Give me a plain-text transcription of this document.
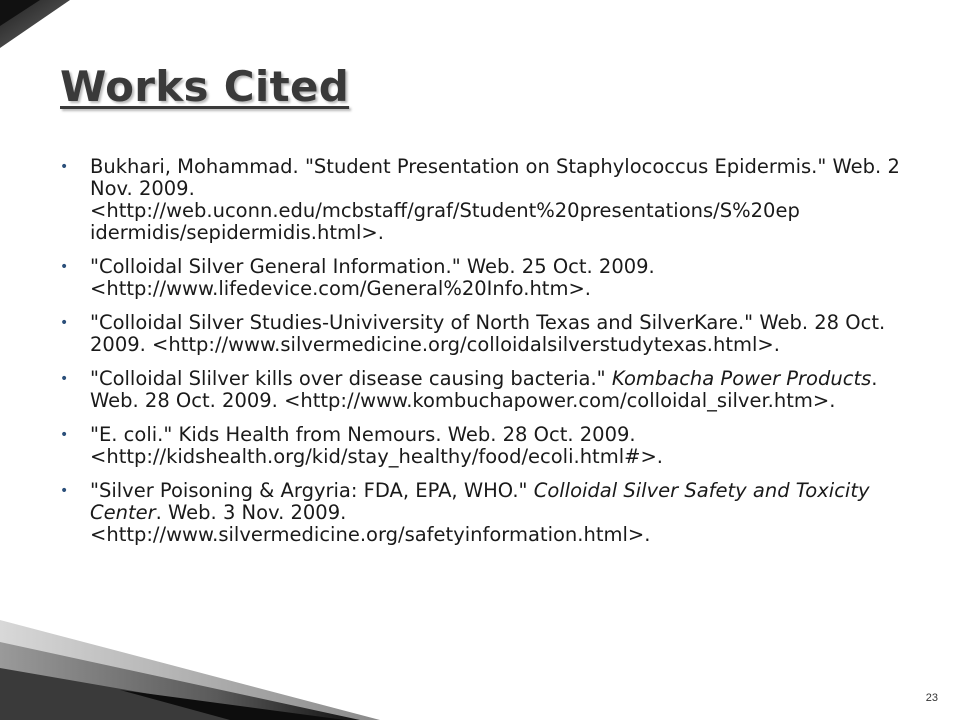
Works Cited
• Bukhari, Mohammad. "Student Presentation on Staphylococcus Epidermis." Web. 2 Nov. 2009. <http://web.uconn.edu/mcbstaff/graf/Student%20presentations/S%20ep idermidis/sepidermidis.html>.
• "Colloidal Silver General Information." Web. 25 Oct. 2009. <http://www.lifedevice.com/General%20Info.htm>.
• "Colloidal Silver Studies-Univiversity of North Texas and SilverKare." Web. 28 Oct. 2009. <http://www.silvermedicine.org/colloidalsilverstudytexas.html>.
• "Colloidal Slilver kills over disease causing bacteria." Kombacha Power Products. Web. 28 Oct. 2009. <http://www.kombuchapower.com/colloidal_silver.htm>.
• "E. coli." Kids Health from Nemours. Web. 28 Oct. 2009. <http://kidshealth.org/kid/stay_healthy/food/ecoli.html#>.
• "Silver Poisoning & Argyria: FDA, EPA, WHO." Colloidal Silver Safety and Toxicity Center. Web. 3 Nov. 2009. <http://www.silvermedicine.org/safetyinformation.html>.
23
